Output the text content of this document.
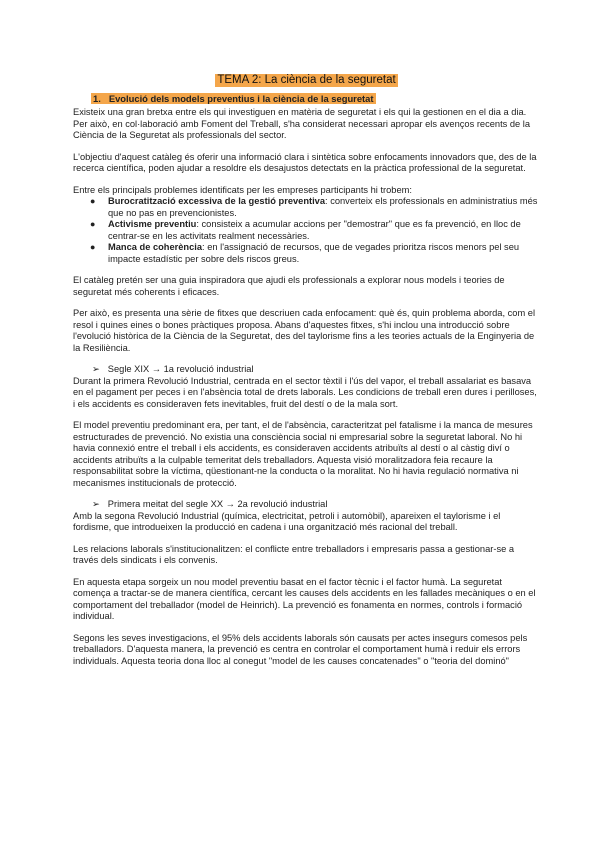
TEMA 2: La ciència de la seguretat
1. Evolució dels models preventius i la ciència de la seguretat

Existeix una gran bretxa entre els qui investiguen en matèria de seguretat i els qui la gestionen en el dia a dia. Per això, en col·laboració amb Foment del Treball, s'ha considerat necessari apropar els avenços recents de la Ciència de la Seguretat als professionals del sector.

L'objectiu d'aquest catàleg és oferir una informació clara i sintètica sobre enfocaments innovadors que, des de la recerca científica, poden ajudar a resoldre els desajustos detectats en la pràctica professional de la seguretat.

Entre els principals problemes identificats per les empreses participants hi trobem:

● Burocratització excessiva de la gestió preventiva: converteix els professionals en administratius més que no pas en prevencionistes.
● Activisme preventiu: consisteix a acumular accions per "demostrar" que es fa prevenció, en lloc de centrar-se en les activitats realment necessàries.
● Manca de coherència: en l'assignació de recursos, que de vegades prioritza riscos menors pel seu impacte estadístic per sobre dels riscos greus.

El catàleg pretén ser una guia inspiradora que ajudi els professionals a explorar nous models i teories de seguretat més coherents i eficaces.

Per això, es presenta una sèrie de fitxes que descriuen cada enfocament: què és, quin problema aborda, com el resol i quines eines o bones pràctiques proposa. Abans d'aquestes fitxes, s'hi inclou una introducció sobre l'evolució històrica de la Ciència de la Seguretat, des del taylorisme fins a les teories actuals de la Enginyeria de la Resiliència.

➢ Segle XIX → 1a revolució industrial

Durant la primera Revolució Industrial, centrada en el sector tèxtil i l'ús del vapor, el treball assalariat es basava en el pagament per peces i en l'absència total de drets laborals. Les condicions de treball eren dures i perilloses, i els accidents es consideraven fets inevitables, fruit del destí o de la mala sort.

El model preventiu predominant era, per tant, el de l'absència, caracteritzat pel fatalisme i la manca de mesures estructurades de prevenció. No existia una consciència social ni empresarial sobre la seguretat laboral. No hi havia connexió entre el treball i els accidents, es consideraven accidents atribuïts al destí o al càstig diví o accidents atribuïts a la culpable temeritat dels treballadors. Aquesta visió moralitzadora feia recaure la responsabilitat sobre la víctima, qüestionant-ne la conducta o la moralitat. No hi havia regulació normativa ni mecanismes institucionals de protecció.

➢ Primera meitat del segle XX → 2a revolució industrial

Amb la segona Revolució Industrial (química, electricitat, petroli i automòbil), apareixen el taylorisme i el fordisme, que introdueixen la producció en cadena i una organització més racional del treball.

Les relacions laborals s'institucionalitzen: el conflicte entre treballadors i empresaris passa a gestionar-se a través dels sindicats i els convenis.

En aquesta etapa sorgeix un nou model preventiu basat en el factor tècnic i el factor humà. La seguretat comença a tractar-se de manera científica, cercant les causes dels accidents en les fallades mecàniques o en el comportament del treballador (model de Heinrich). La prevenció es fonamenta en normes, controls i formació individual.

Segons les seves investigacions, el 95% dels accidents laborals són causats per actes insegurs comesos pels treballadors. D'aquesta manera, la prevenció es centra en controlar el comportament humà i reduir els errors individuals. Aquesta teoria dona lloc al conegut "model de les causes concatenades" o "teoria del dominó"
